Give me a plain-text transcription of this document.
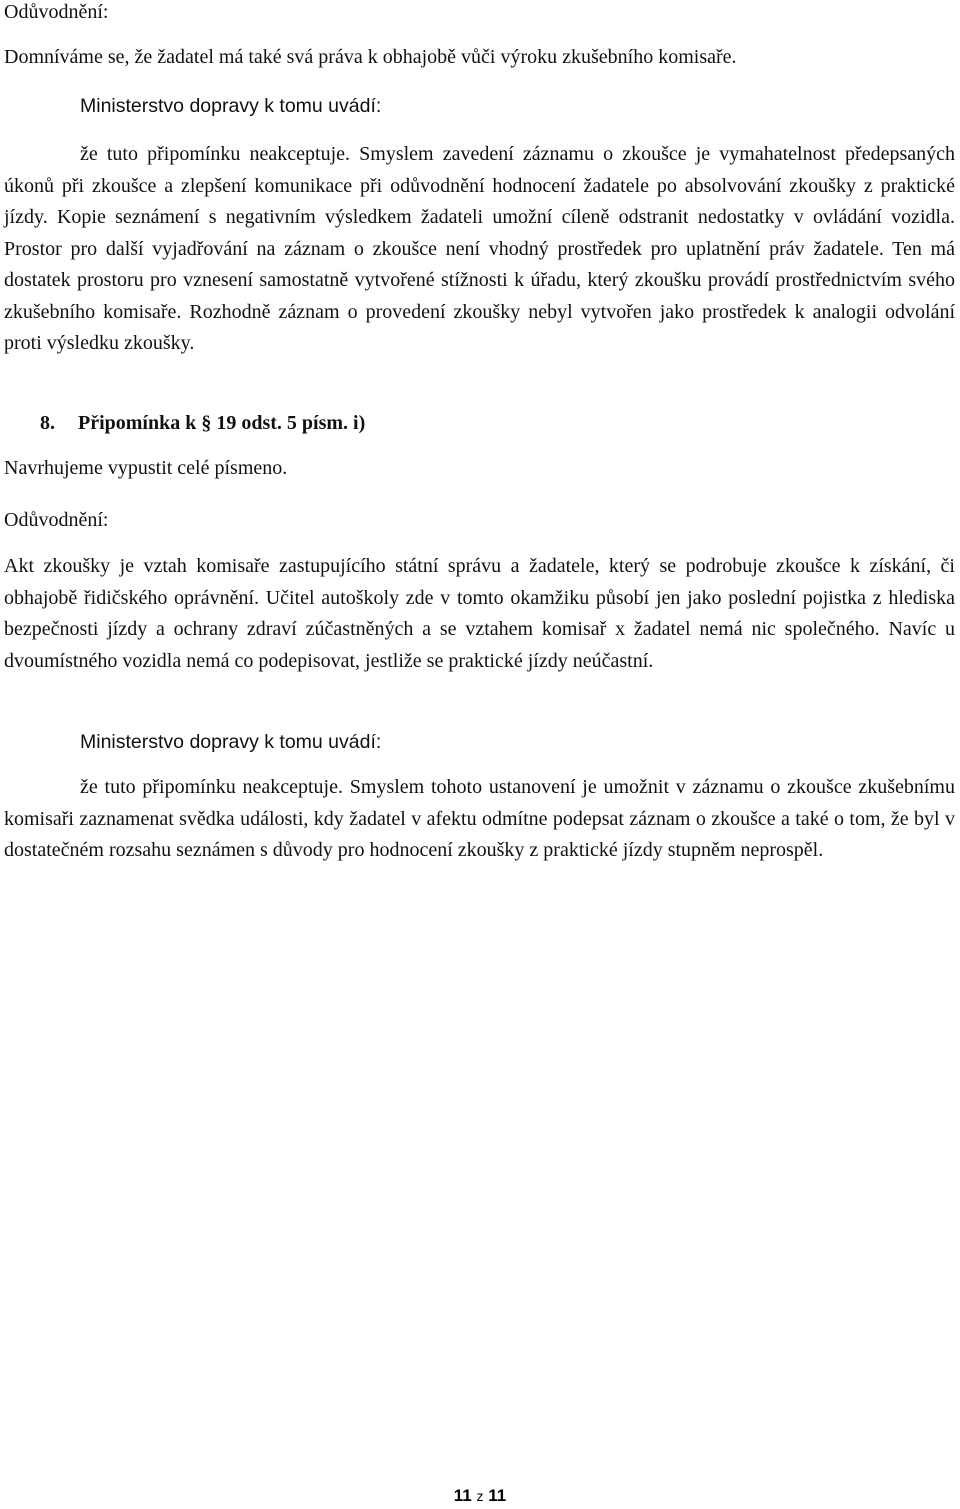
Odůvodnění:

Domníváme se, že žadatel má také svá práva k obhajobě vůči výroku zkušebního komisaře.

Ministerstvo dopravy k tomu uvádí:

že tuto připomínku neakceptuje. Smyslem zavedení záznamu o zkoušce je vymahatelnost předepsaných úkonů při zkoušce a zlepšení komunikace při odůvodnění hodnocení žadatele po absolvování zkoušky z praktické jízdy. Kopie seznámení s negativním výsledkem žadateli umožní cíleně odstranit nedostatky v ovládání vozidla. Prostor pro další vyjadřování na záznam o zkoušce není vhodný prostředek pro uplatnění práv žadatele. Ten má dostatek prostoru pro vznesení samostatně vytvořené stížnosti k úřadu, který zkoušku provádí prostřednictvím svého zkušebního komisaře. Rozhodně záznam o provedení zkoušky nebyl vytvořen jako prostředek k analogii odvolání proti výsledku zkoušky.

8. Připomínka k § 19 odst. 5 písm. i)

Navrhujeme vypustit celé písmeno.

Odůvodnění:

Akt zkoušky je vztah komisaře zastupujícího státní správu a žadatele, který se podrobuje zkoušce k získání, či obhajobě řidičského oprávnění. Učitel autoškoly zde v tomto okamžiku působí jen jako poslední pojistka z hlediska bezpečnosti jízdy a ochrany zdraví zúčastněných a se vztahem komisař x žadatel nemá nic společného. Navíc u dvoumístného vozidla nemá co podepisovat, jestliže se praktické jízdy neúčastní.

Ministerstvo dopravy k tomu uvádí:

že tuto připomínku neakceptuje. Smyslem tohoto ustanovení je umožnit v záznamu o zkoušce zkušebnímu komisaři zaznamenat svědka události, kdy žadatel v afektu odmítne podepsat záznam o zkoušce a také o tom, že byl v dostatečném rozsahu seznámen s důvody pro hodnocení zkoušky z praktické jízdy stupněm neprospěl.

11 z 11
